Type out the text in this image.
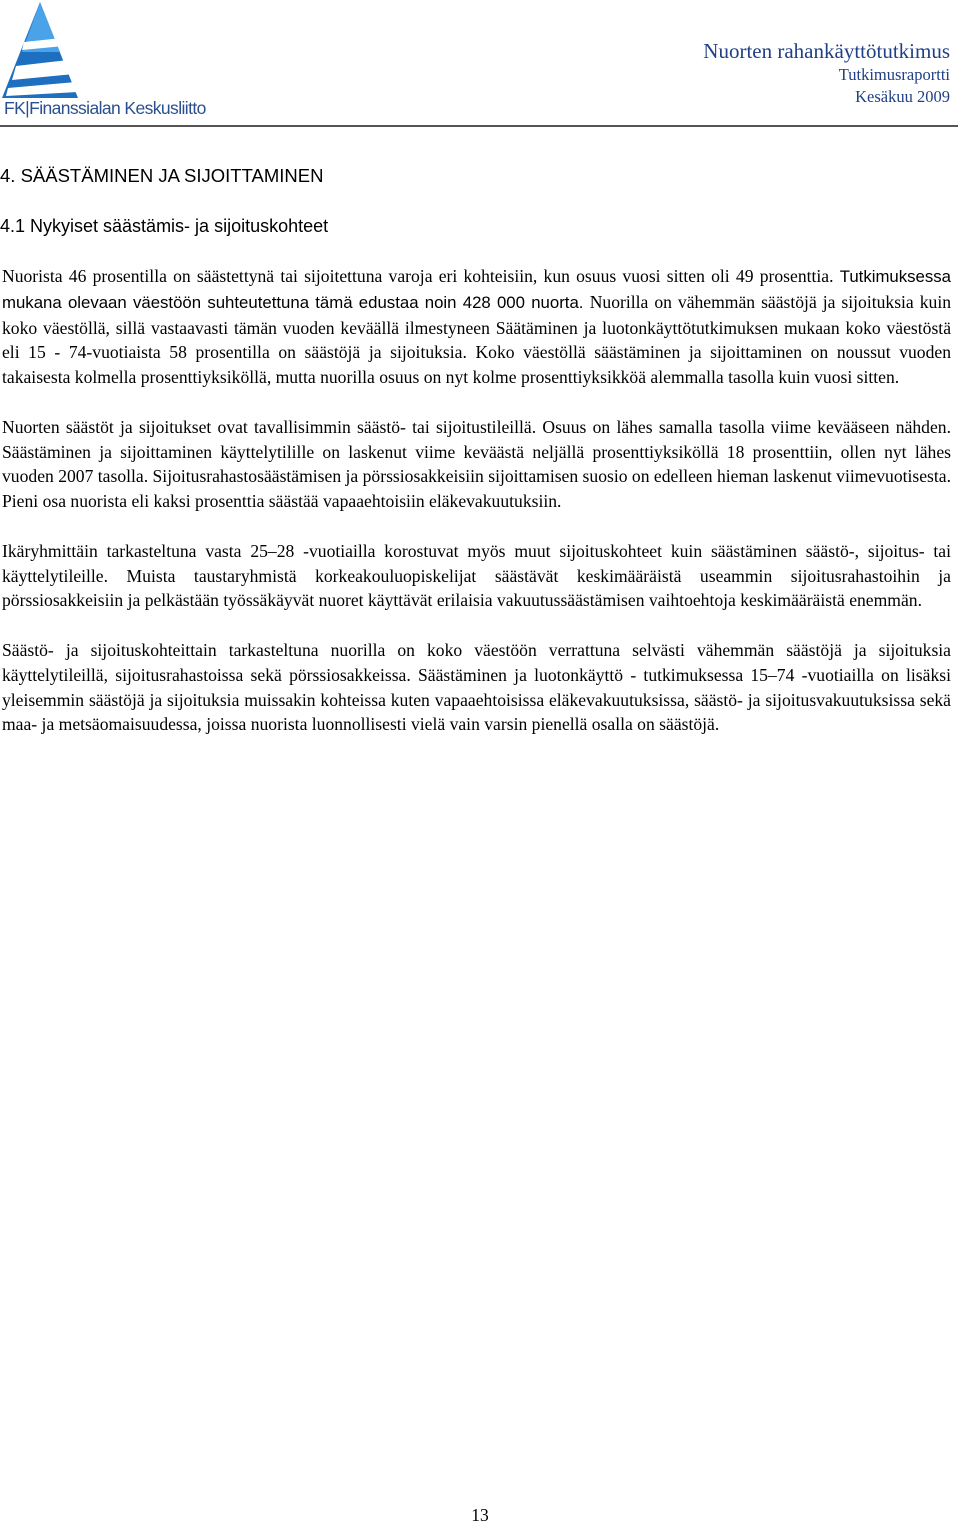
FK|Finanssialan Keskusliitto
Nuorten rahankäyttötutkimus
Tutkimusraportti
Kesäkuu 2009
4. SÄÄSTÄMINEN JA SIJOITTAMINEN
4.1 Nykyiset säästämis- ja sijoituskohteet

Nuorista 46 prosentilla on säästettynä tai sijoitettuna varoja eri kohteisiin, kun osuus vuosi sitten oli 49 prosenttia. Tutkimuksessa mukana olevaan väestöön suhteutettuna tämä edustaa noin 428 000 nuorta. Nuorilla on vähemmän säästöjä ja sijoituksia kuin koko väestöllä, sillä vastaavasti tämän vuoden keväällä ilmestyneen Säätäminen ja luotonkäyttötutkimuksen mukaan koko väestöstä eli 15 - 74-vuotiaista 58 prosentilla on säästöjä ja sijoituksia. Koko väestöllä säästäminen ja sijoittaminen on noussut vuoden takaisesta kolmella prosenttiyksiköllä, mutta nuorilla osuus on nyt kolme prosenttiyksikköä alemmalla tasolla kuin vuosi sitten.

Nuorten säästöt ja sijoitukset ovat tavallisimmin säästö- tai sijoitustileillä. Osuus on lähes samalla tasolla viime kevääseen nähden. Säästäminen ja sijoittaminen käyttelytilille on laskenut viime keväästä neljällä prosenttiyksiköllä 18 prosenttiin, ollen nyt lähes vuoden 2007 tasolla. Sijoitusrahastosäästämisen ja pörssiosakkeisiin sijoittamisen suosio on edelleen hieman laskenut viimevuotisesta. Pieni osa nuorista eli kaksi prosenttia säästää vapaaehtoisiin eläkevakuutuksiin.

Ikäryhmittäin tarkasteltuna vasta 25–28 -vuotiailla korostuvat myös muut sijoituskohteet kuin säästäminen säästö-, sijoitus- tai käyttelytileille. Muista taustaryhmistä korkeakouluopiskelijat säästävät keskimääräistä useammin sijoitusrahastoihin ja pörssiosakkeisiin ja pelkästään työssäkäyvät nuoret käyttävät erilaisia vakuutussäästämisen vaihtoehtoja keskimääräistä enemmän.

Säästö- ja sijoituskohteittain tarkasteltuna nuorilla on koko väestöön verrattuna selvästi vähemmän säästöjä ja sijoituksia käyttelytileillä, sijoitusrahastoissa sekä pörssiosakkeissa. Säästäminen ja luotonkäyttö - tutkimuksessa 15–74 -vuotiailla on lisäksi yleisemmin säästöjä ja sijoituksia muissakin kohteissa kuten vapaaehtoisissa eläkevakuutuksissa, säästö- ja sijoitusvakuutuksissa sekä maa- ja metsäomaisuudessa, joissa nuorista luonnollisesti vielä vain varsin pienellä osalla on säästöjä.

13
